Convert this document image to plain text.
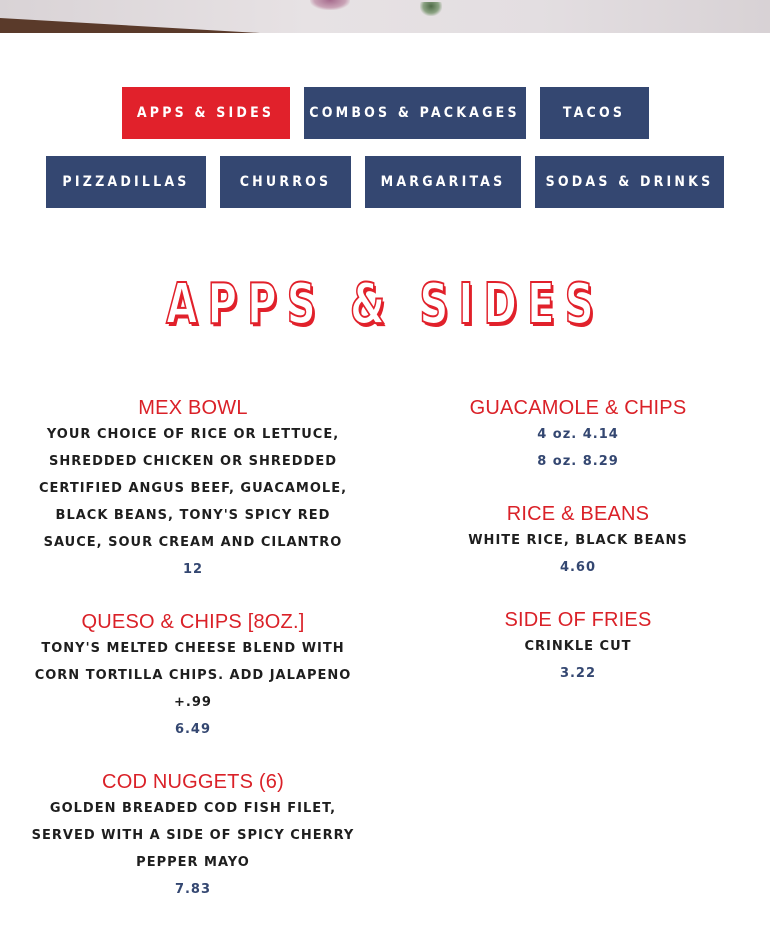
APPS & SIDES	COMBOS & PACKAGES	TACOS
PIZZADILLAS	CHURROS	MARGARITAS	SODAS & DRINKS
APPS & SIDES
MEX BOWL
YOUR CHOICE OF RICE OR LETTUCE, SHREDDED CHICKEN OR SHREDDED CERTIFIED ANGUS BEEF, GUACAMOLE, BLACK BEANS, TONY'S SPICY RED SAUCE, SOUR CREAM AND CILANTRO
12
QUESO & CHIPS [8OZ.]
TONY'S MELTED CHEESE BLEND WITH CORN TORTILLA CHIPS. ADD JALAPENO +.99
6.49
COD NUGGETS (6)
GOLDEN BREADED COD FISH FILET, SERVED WITH A SIDE OF SPICY CHERRY PEPPER MAYO
7.83
GUACAMOLE & CHIPS
4 oz. 4.14
8 oz. 8.29
RICE & BEANS
WHITE RICE, BLACK BEANS
4.60
SIDE OF FRIES
CRINKLE CUT
3.22
